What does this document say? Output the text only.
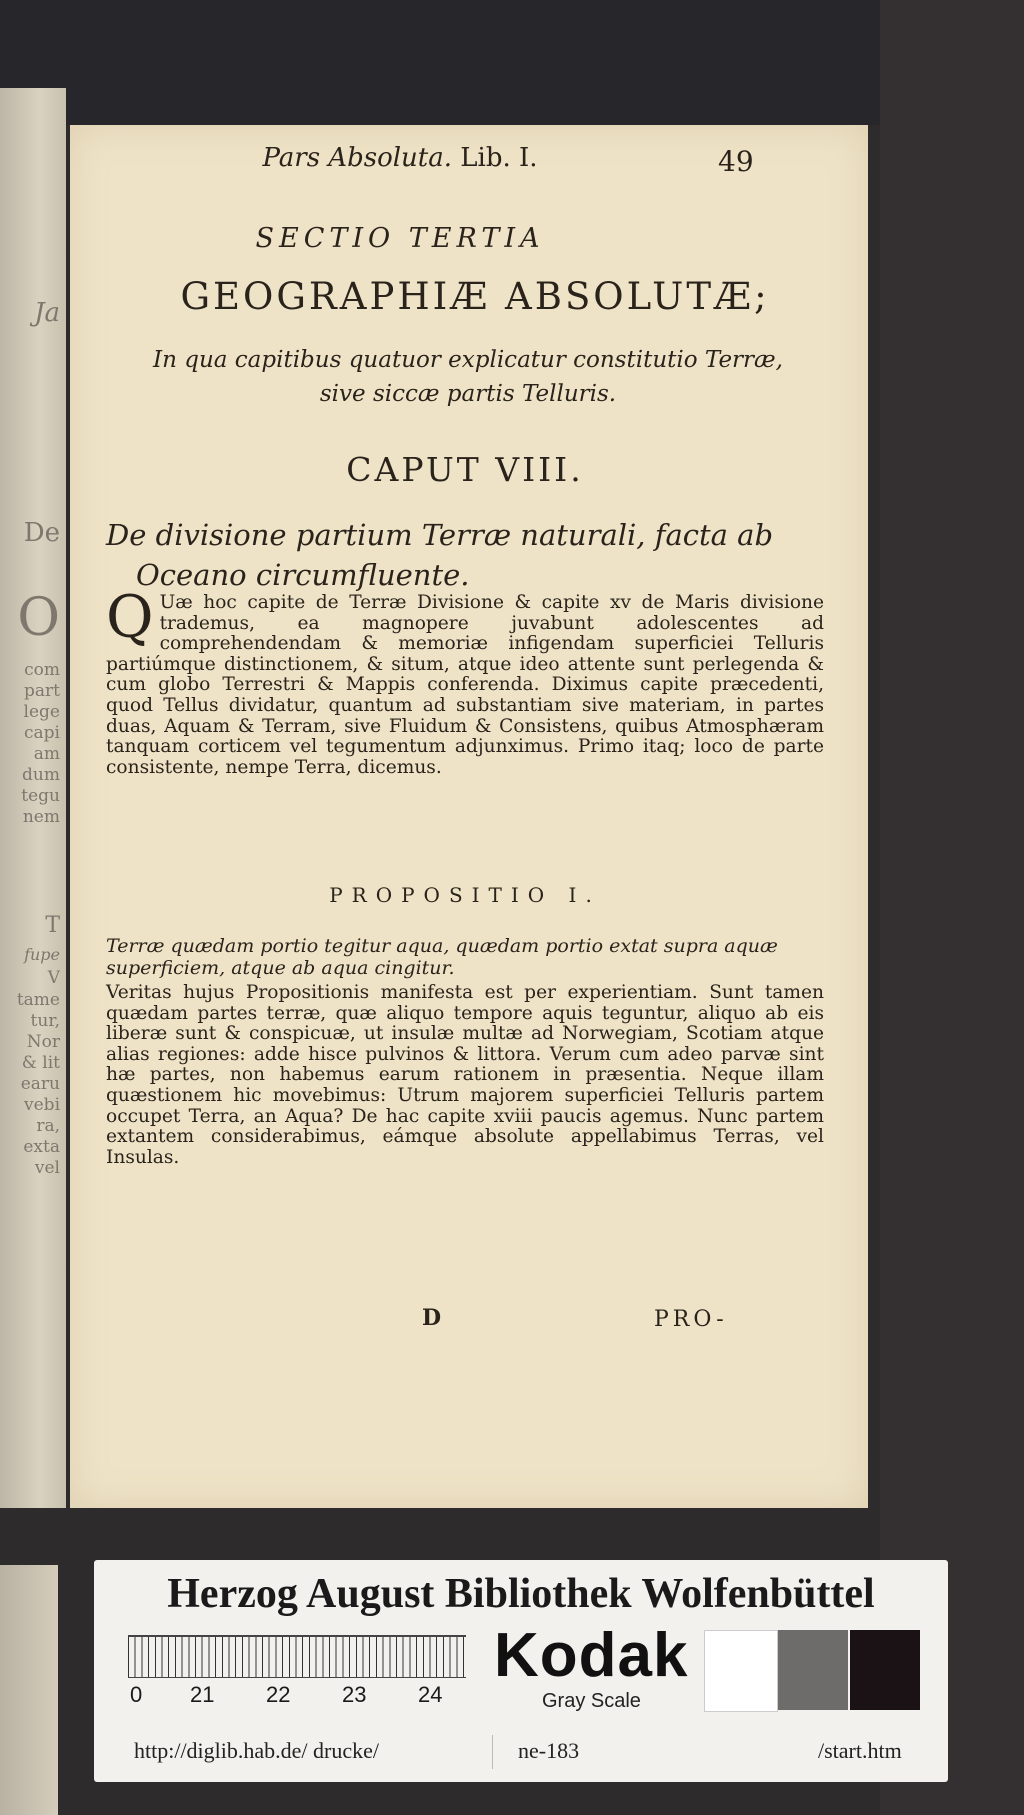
Ja
De
O
com
part
lege
capi
am
dum
tegu
nem
T
fupe
V
tame
tur,
Nor
& lit
earu
vebi
ra,
exta
vel
Pars Absoluta. Lib. I.	49
SECTIO TERTIA
GEOGRAPHIÆ ABSOLUTÆ;
In qua capitibus quatuor explicatur constitutio Terræ,
sive siccæ partis Telluris.
CAPUT VIII.
De divisione partium Terræ naturali, facta ab
Oceano circumfluente.
Q Uæ hoc capite de Terræ Divisione & capite xv de Maris divisione trademus, ea magnopere juvabunt adolescentes ad comprehendendam & memoriæ infigendam superficiei Telluris partiúmque distinctionem, & situm, atque ideo attente sunt perlegenda & cum globo Terrestri & Mappis conferenda. Diximus capite præcedenti, quod Tellus dividatur, quantum ad substantiam sive materiam, in partes duas, Aquam & Terram, sive Fluidum & Consistens, quibus Atmosphæram tanquam corticem vel tegumentum adjunximus. Primo itaq; loco de parte consistente, nempe Terra, dicemus.
PROPOSITIO I.
Terræ quædam portio tegitur aqua, quædam portio extat supra aquæ superficiem, atque ab aqua cingitur.
Veritas hujus Propositionis manifesta est per experientiam. Sunt tamen quædam partes terræ, quæ aliquo tempore aquis teguntur, aliquo ab eis liberæ sunt & conspicuæ, ut insulæ multæ ad Norwegiam, Scotiam atque alias regiones: adde hisce pulvinos & littora. Verum cum adeo parvæ sint hæ partes, non habemus earum rationem in præsentia. Neque illam quæstionem hic movebimus: Utrum majorem superficiei Telluris partem occupet Terra, an Aqua? De hac capite xviii paucis agemus. Nunc partem extantem considerabimus, eámque absolute appellabimus Terras, vel Insulas.
D	PRO-
Herzog August Bibliothek Wolfenbüttel
0 21 22 23 24
Kodak
Gray Scale
http://diglib.hab.de/ drucke/	ne-183	/start.htm
